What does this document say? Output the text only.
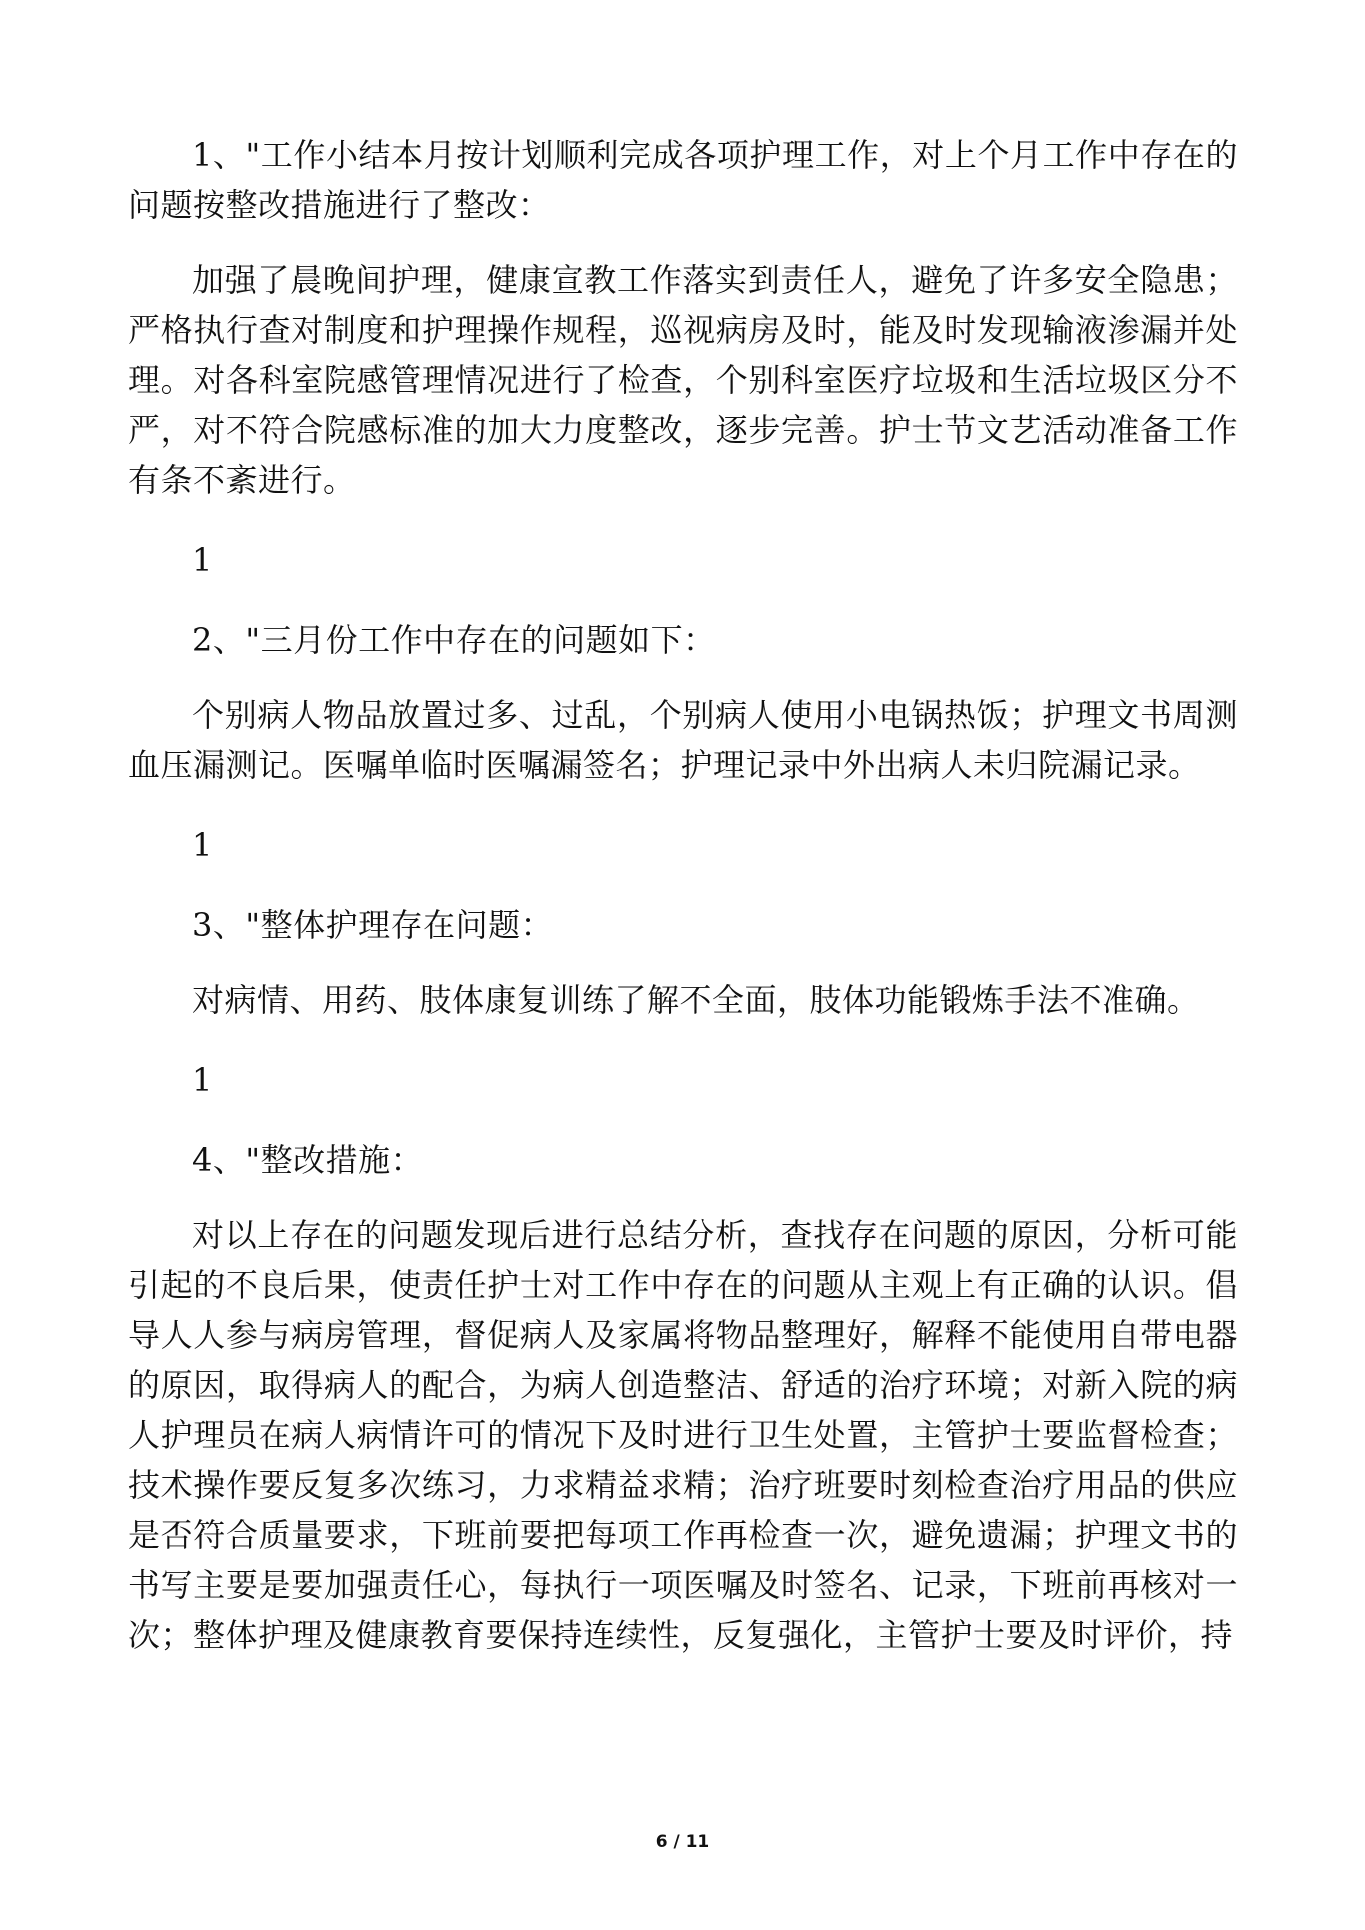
1、"工作小结本月按计划顺利完成各项护理工作，对上个月工作中存在的问题按整改措施进行了整改：

加强了晨晚间护理，健康宣教工作落实到责任人，避免了许多安全隐患；严格执行查对制度和护理操作规程，巡视病房及时，能及时发现输液渗漏并处理。对各科室院感管理情况进行了检查，个别科室医疗垃圾和生活垃圾区分不严，对不符合院感标准的加大力度整改，逐步完善。护士节文艺活动准备工作有条不紊进行。

1

2、"三月份工作中存在的问题如下：

个别病人物品放置过多、过乱，个别病人使用小电锅热饭；护理文书周测血压漏测记。医嘱单临时医嘱漏签名；护理记录中外出病人未归院漏记录。

1

3、"整体护理存在问题：

对病情、用药、肢体康复训练了解不全面，肢体功能锻炼手法不准确。

1

4、"整改措施：

对以上存在的问题发现后进行总结分析，查找存在问题的原因，分析可能引起的不良后果，使责任护士对工作中存在的问题从主观上有正确的认识。倡导人人参与病房管理，督促病人及家属将物品整理好，解释不能使用自带电器的原因，取得病人的配合，为病人创造整洁、舒适的治疗环境；对新入院的病人护理员在病人病情许可的情况下及时进行卫生处置，主管护士要监督检查；技术操作要反复多次练习，力求精益求精；治疗班要时刻检查治疗用品的供应是否符合质量要求，下班前要把每项工作再检查一次，避免遗漏；护理文书的书写主要是要加强责任心，每执行一项医嘱及时签名、记录，下班前再核对一次；整体护理及健康教育要保持连续性，反复强化，主管护士要及时评价，持

6 / 11
